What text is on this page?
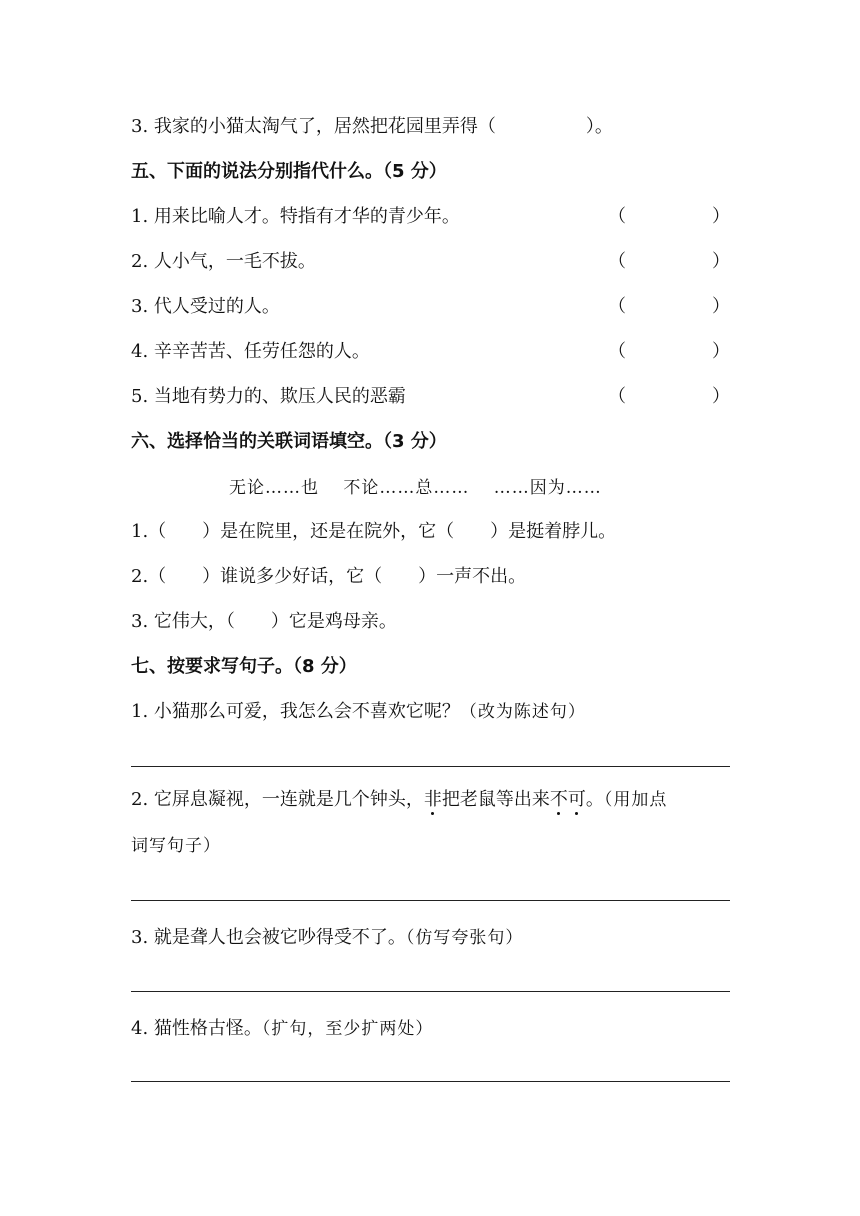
3. 我家的小猫太淘气了，居然把花园里弄得（　　　　　）。
五、下面的说法分别指代什么。（5 分）
1. 用来比喻人才。特指有才华的青少年。	（	）
2. 人小气，一毛不拔。	（	）
3. 代人受过的人。	（	）
4. 辛辛苦苦、任劳任怨的人。	（	）
5. 当地有势力的、欺压人民的恶霸	（	）
六、选择恰当的关联词语填空。（3 分）
无论……也　 不论……总……　 ……因为……
1.（　　）是在院里，还是在院外，它（　　）是挺着脖儿。
2.（　　）谁说多少好话，它（　　）一声不出。
3. 它伟大，（　　）它是鸡母亲。
七、按要求写句子。（8 分）
1. 小猫那么可爱，我怎么会不喜欢它呢？（改为陈述句）
2. 它屏息凝视，一连就是几个钟头，非把老鼠等出来不可。（用加点
词写句子）
3. 就是聋人也会被它吵得受不了。（仿写夸张句）
4. 猫性格古怪。（扩句，至少扩两处）
